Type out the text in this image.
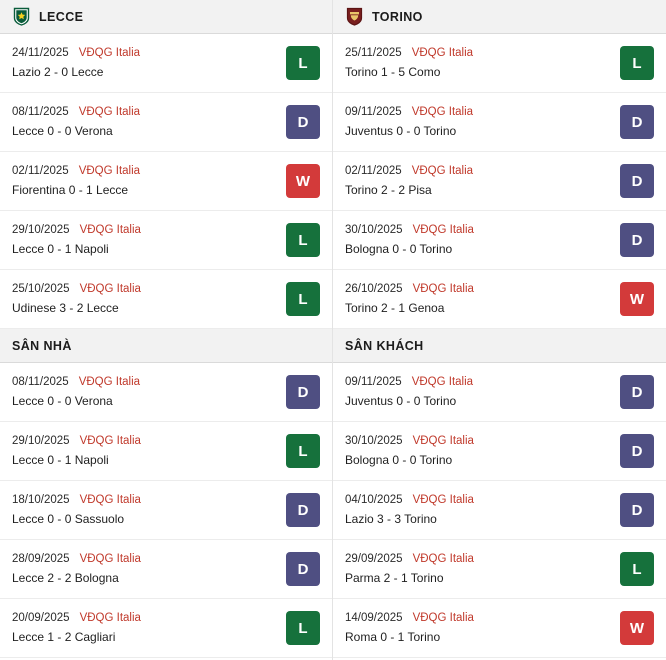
LECCE
24/11/2025 VĐQG Italia
Lazio 2 - 0 Lecce
L
08/11/2025 VĐQG Italia
Lecce 0 - 0 Verona
D
02/11/2025 VĐQG Italia
Fiorentina 0 - 1 Lecce
W
29/10/2025 VĐQG Italia
Lecce 0 - 1 Napoli
L
25/10/2025 VĐQG Italia
Udinese 3 - 2 Lecce
L
SÂN NHÀ
08/11/2025 VĐQG Italia
Lecce 0 - 0 Verona
D
29/10/2025 VĐQG Italia
Lecce 0 - 1 Napoli
L
18/10/2025 VĐQG Italia
Lecce 0 - 0 Sassuolo
D
28/09/2025 VĐQG Italia
Lecce 2 - 2 Bologna
D
20/09/2025 VĐQG Italia
Lecce 1 - 2 Cagliari
L
TORINO
25/11/2025 VĐQG Italia
Torino 1 - 5 Como
L
09/11/2025 VĐQG Italia
Juventus 0 - 0 Torino
D
02/11/2025 VĐQG Italia
Torino 2 - 2 Pisa
D
30/10/2025 VĐQG Italia
Bologna 0 - 0 Torino
D
26/10/2025 VĐQG Italia
Torino 2 - 1 Genoa
W
SÂN KHÁCH
09/11/2025 VĐQG Italia
Juventus 0 - 0 Torino
D
30/10/2025 VĐQG Italia
Bologna 0 - 0 Torino
D
04/10/2025 VĐQG Italia
Lazio 3 - 3 Torino
D
29/09/2025 VĐQG Italia
Parma 2 - 1 Torino
L
14/09/2025 VĐQG Italia
Roma 0 - 1 Torino
W
